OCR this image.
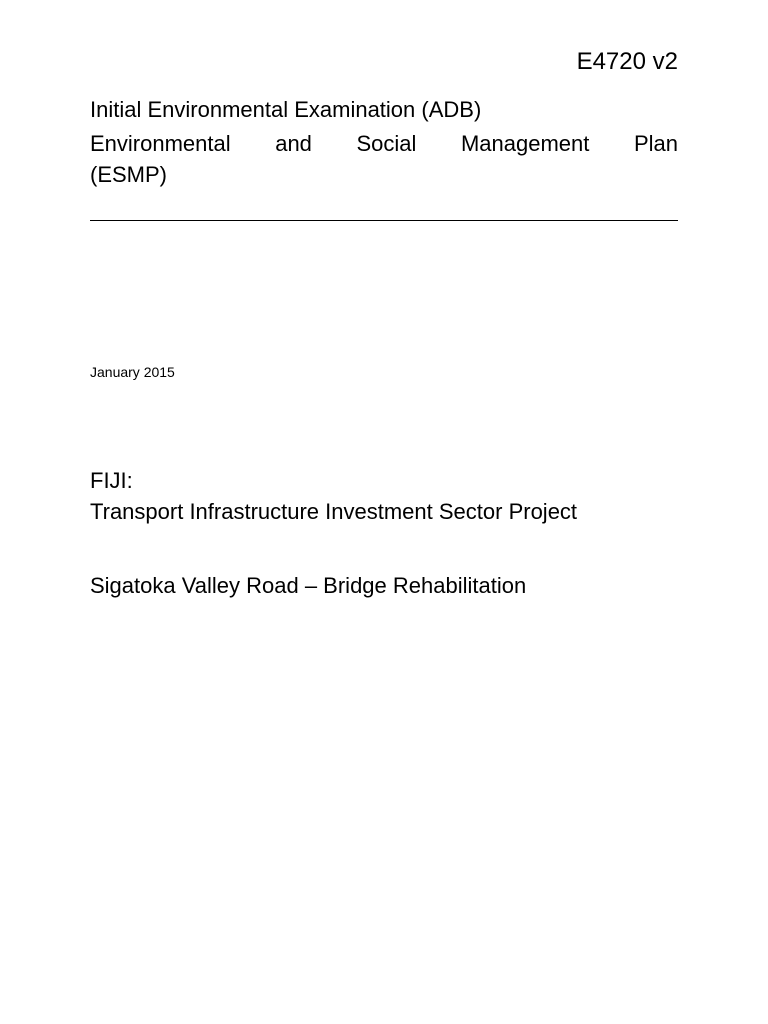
E4720 v2
Initial Environmental Examination (ADB)
Environmental and Social Management Plan
(ESMP)
January 2015
FIJI:
Transport Infrastructure Investment Sector Project
Sigatoka Valley Road – Bridge Rehabilitation
